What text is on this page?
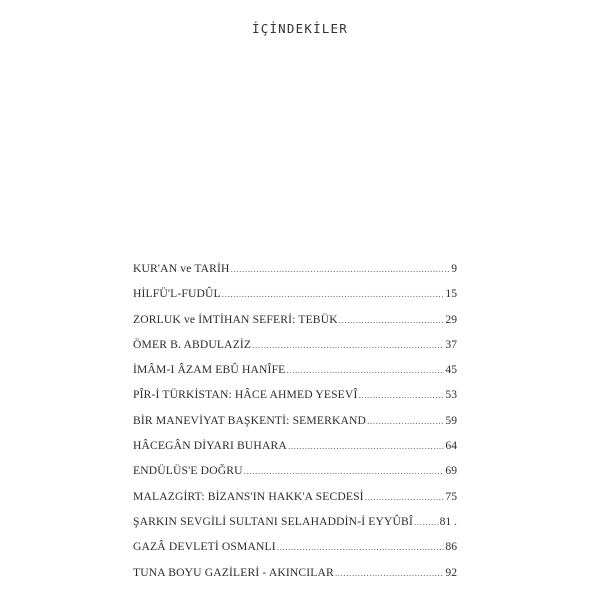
İÇİNDEKİLER
KUR'AN ve TARİH .....	9
HİLFÜ'L-FUDÛL .....	15
ZORLUK ve İMTİHAN SEFERİ: TEBÜK .....	29
ÖMER B. ABDULAZİZ .....	37
İMÂM-I ÂZAM EBÛ HANÎFE .....	45
PÎR-İ TÜRKİSTAN: HÂCE AHMED YESEVÎ .....	53
BİR MANEVİYAT BAŞKENTİ: SEMERKAND .....	59
HÂCEGÂN DİYARI BUHARA .....	64
ENDÜLÜS'E DOĞRU .....	69
MALAZGİRT: BİZANS'IN HAKK'A SECDESİ .....	75
ŞARKIN SEVGİLİ SULTANI SELAHADDİN-İ EYYÛBÎ ..... 81 .
GAZÂ DEVLETİ OSMANLI .....	86
TUNA BOYU GAZİLERİ - AKINCILAR .....	92
